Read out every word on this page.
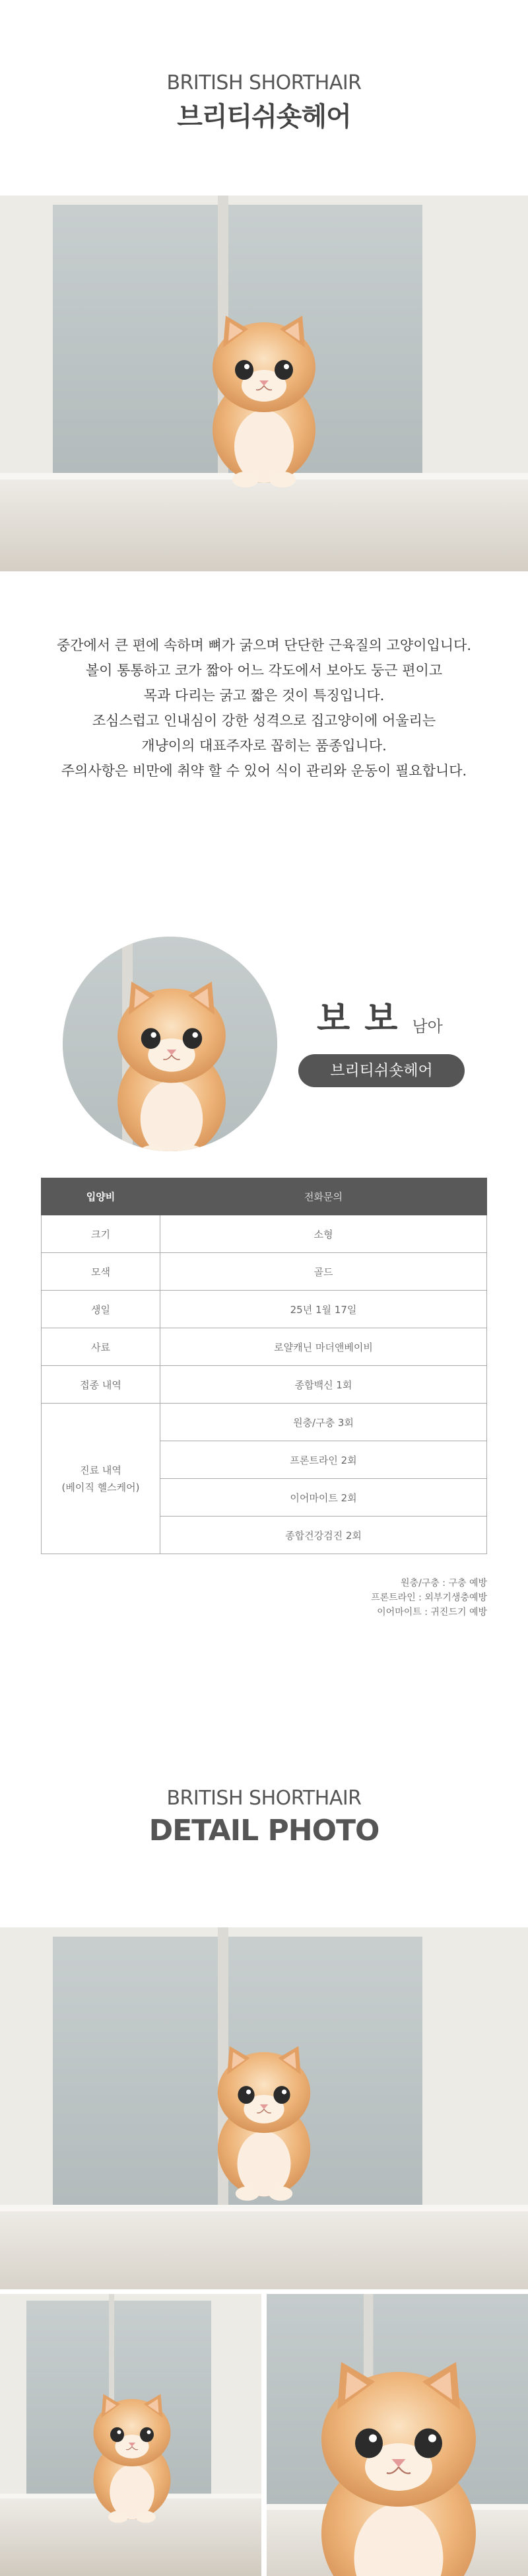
BRITISH SHORTHAIR
브리티쉬숏헤어
중간에서 큰 편에 속하며 뼈가 굵으며 단단한 근육질의 고양이입니다.
볼이 통통하고 코가 짧아 어느 각도에서 보아도 둥근 편이고
목과 다리는 굵고 짧은 것이 특징입니다.
조심스럽고 인내심이 강한 성격으로 집고양이에 어울리는
개냥이의 대표주자로 꼽히는 품종입니다.
주의사항은 비만에 취약 할 수 있어 식이 관리와 운동이 필요합니다.
보보남아
브리티쉬숏헤어
입양비	전화문의
크기	소형
모색	골드
생일	25년 1월 17일
사료	로얄캐닌 마더앤베이비
접종 내역	종합백신 1회

진료 내역
(베이직 헬스케어)	원충/구충 3회
	프론트라인 2회
	이어마이트 2회
	종합건강검진 2회
원충/구충 : 구충 예방
프론트라인 : 외부기생충예방
이어마이트 : 귀진드기 예방
BRITISH SHORTHAIR
DETAIL PHOTO
